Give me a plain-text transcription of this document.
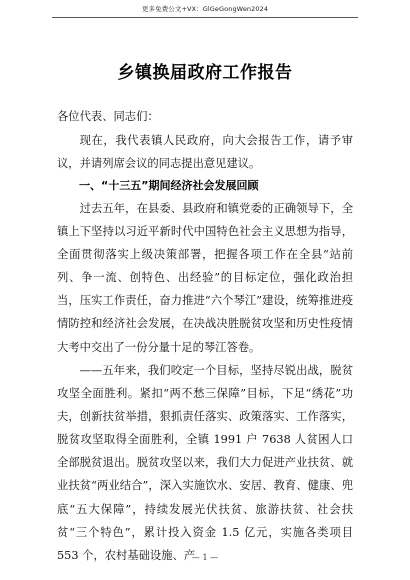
更多免费公文+VX：GlGeGongWen2024
乡镇换届政府工作报告
各位代表、同志们：
现在，我代表镇人民政府，向大会报告工作，请予审议，并请列席会议的同志提出意见建议。
一、“十三五”期间经济社会发展回顾
过去五年，在县委、县政府和镇党委的正确领导下，全镇上下坚持以习近平新时代中国特色社会主义思想为指导，全面贯彻落实上级决策部署，把握各项工作在全县“站前列、争一流、创特色、出经验”的目标定位，强化政治担当，压实工作责任，奋力推进“六个琴江”建设，统筹推进疫情防控和经济社会发展，在决战决胜脱贫攻坚和历史性疫情大考中交出了一份分量十足的琴江答卷。
——五年来，我们咬定一个目标，坚持尽锐出战，脱贫攻坚全面胜利。紧扣“两不愁三保障”目标，下足“绣花”功夫，创新扶贫举措，狠抓责任落实、政策落实、工作落实，脱贫攻坚取得全面胜利，全镇 1991 户 7638 人贫困人口全部脱贫退出。脱贫攻坚以来，我们大力促进产业扶贫、就业扶贫“两业结合”，深入实施饮水、安居、教育、健康、兜底“五大保障”，持续发展光伏扶贫、旅游扶贫、社会扶贫“三个特色”，累计投入资金 1.5 亿元，实施各类项目 553 个，农村基础设施、产
— 1 —
